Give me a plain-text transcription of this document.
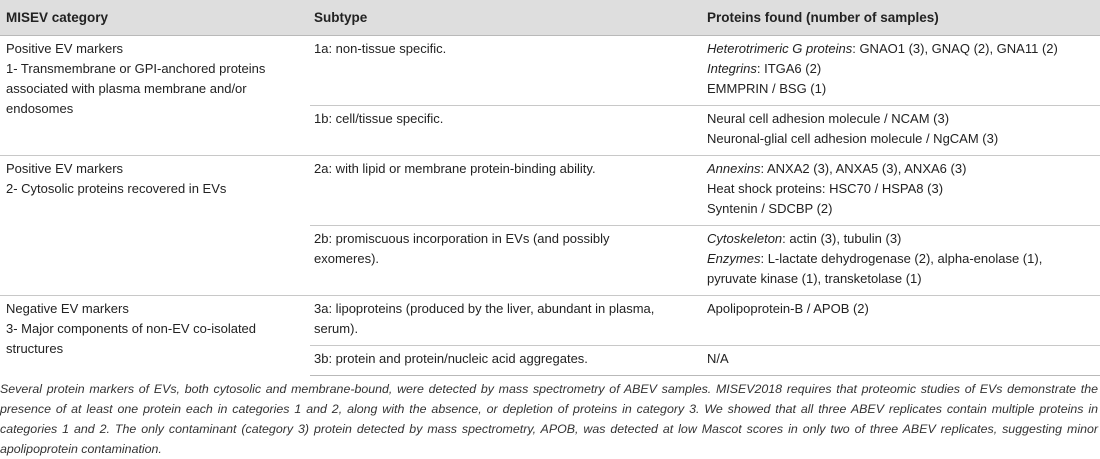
MISEV category	Subtype	Proteins found (number of samples)

Positive EV markers
1- Transmembrane or GPI-anchored proteins associated with plasma membrane and/or endosomes	1a: non-tissue specific.	Heterotrimeric G proteins: GNAO1 (3), GNAQ (2), GNA11 (2)
Integrins: ITGA6 (2)
EMMPRIN / BSG (1)

	1b: cell/tissue specific.	Neural cell adhesion molecule / NCAM (3)
Neuronal-glial cell adhesion molecule / NgCAM (3)

Positive EV markers
2- Cytosolic proteins recovered in EVs	2a: with lipid or membrane protein-binding ability.	Annexins: ANXA2 (3), ANXA5 (3), ANXA6 (3)
Heat shock proteins: HSC70 / HSPA8 (3)
Syntenin / SDCBP (2)

	2b: promiscuous incorporation in EVs (and possibly exomeres).	Cytoskeleton: actin (3), tubulin (3)
Enzymes: L-lactate dehydrogenase (2), alpha-enolase (1), pyruvate kinase (1), transketolase (1)

Negative EV markers
3- Major components of non-EV co-isolated structures	3a: lipoproteins (produced by the liver, abundant in plasma, serum).	Apolipoprotein-B / APOB (2)

	3b: protein and protein/nucleic acid aggregates.	N/A
Several protein markers of EVs, both cytosolic and membrane-bound, were detected by mass spectrometry of ABEV samples. MISEV2018 requires that proteomic studies of EVs demonstrate the presence of at least one protein each in categories 1 and 2, along with the absence, or depletion of proteins in category 3. We showed that all three ABEV replicates contain multiple proteins in categories 1 and 2. The only contaminant (category 3) protein detected by mass spectrometry, APOB, was detected at low Mascot scores in only two of three ABEV replicates, suggesting minor apolipoprotein contamination.
